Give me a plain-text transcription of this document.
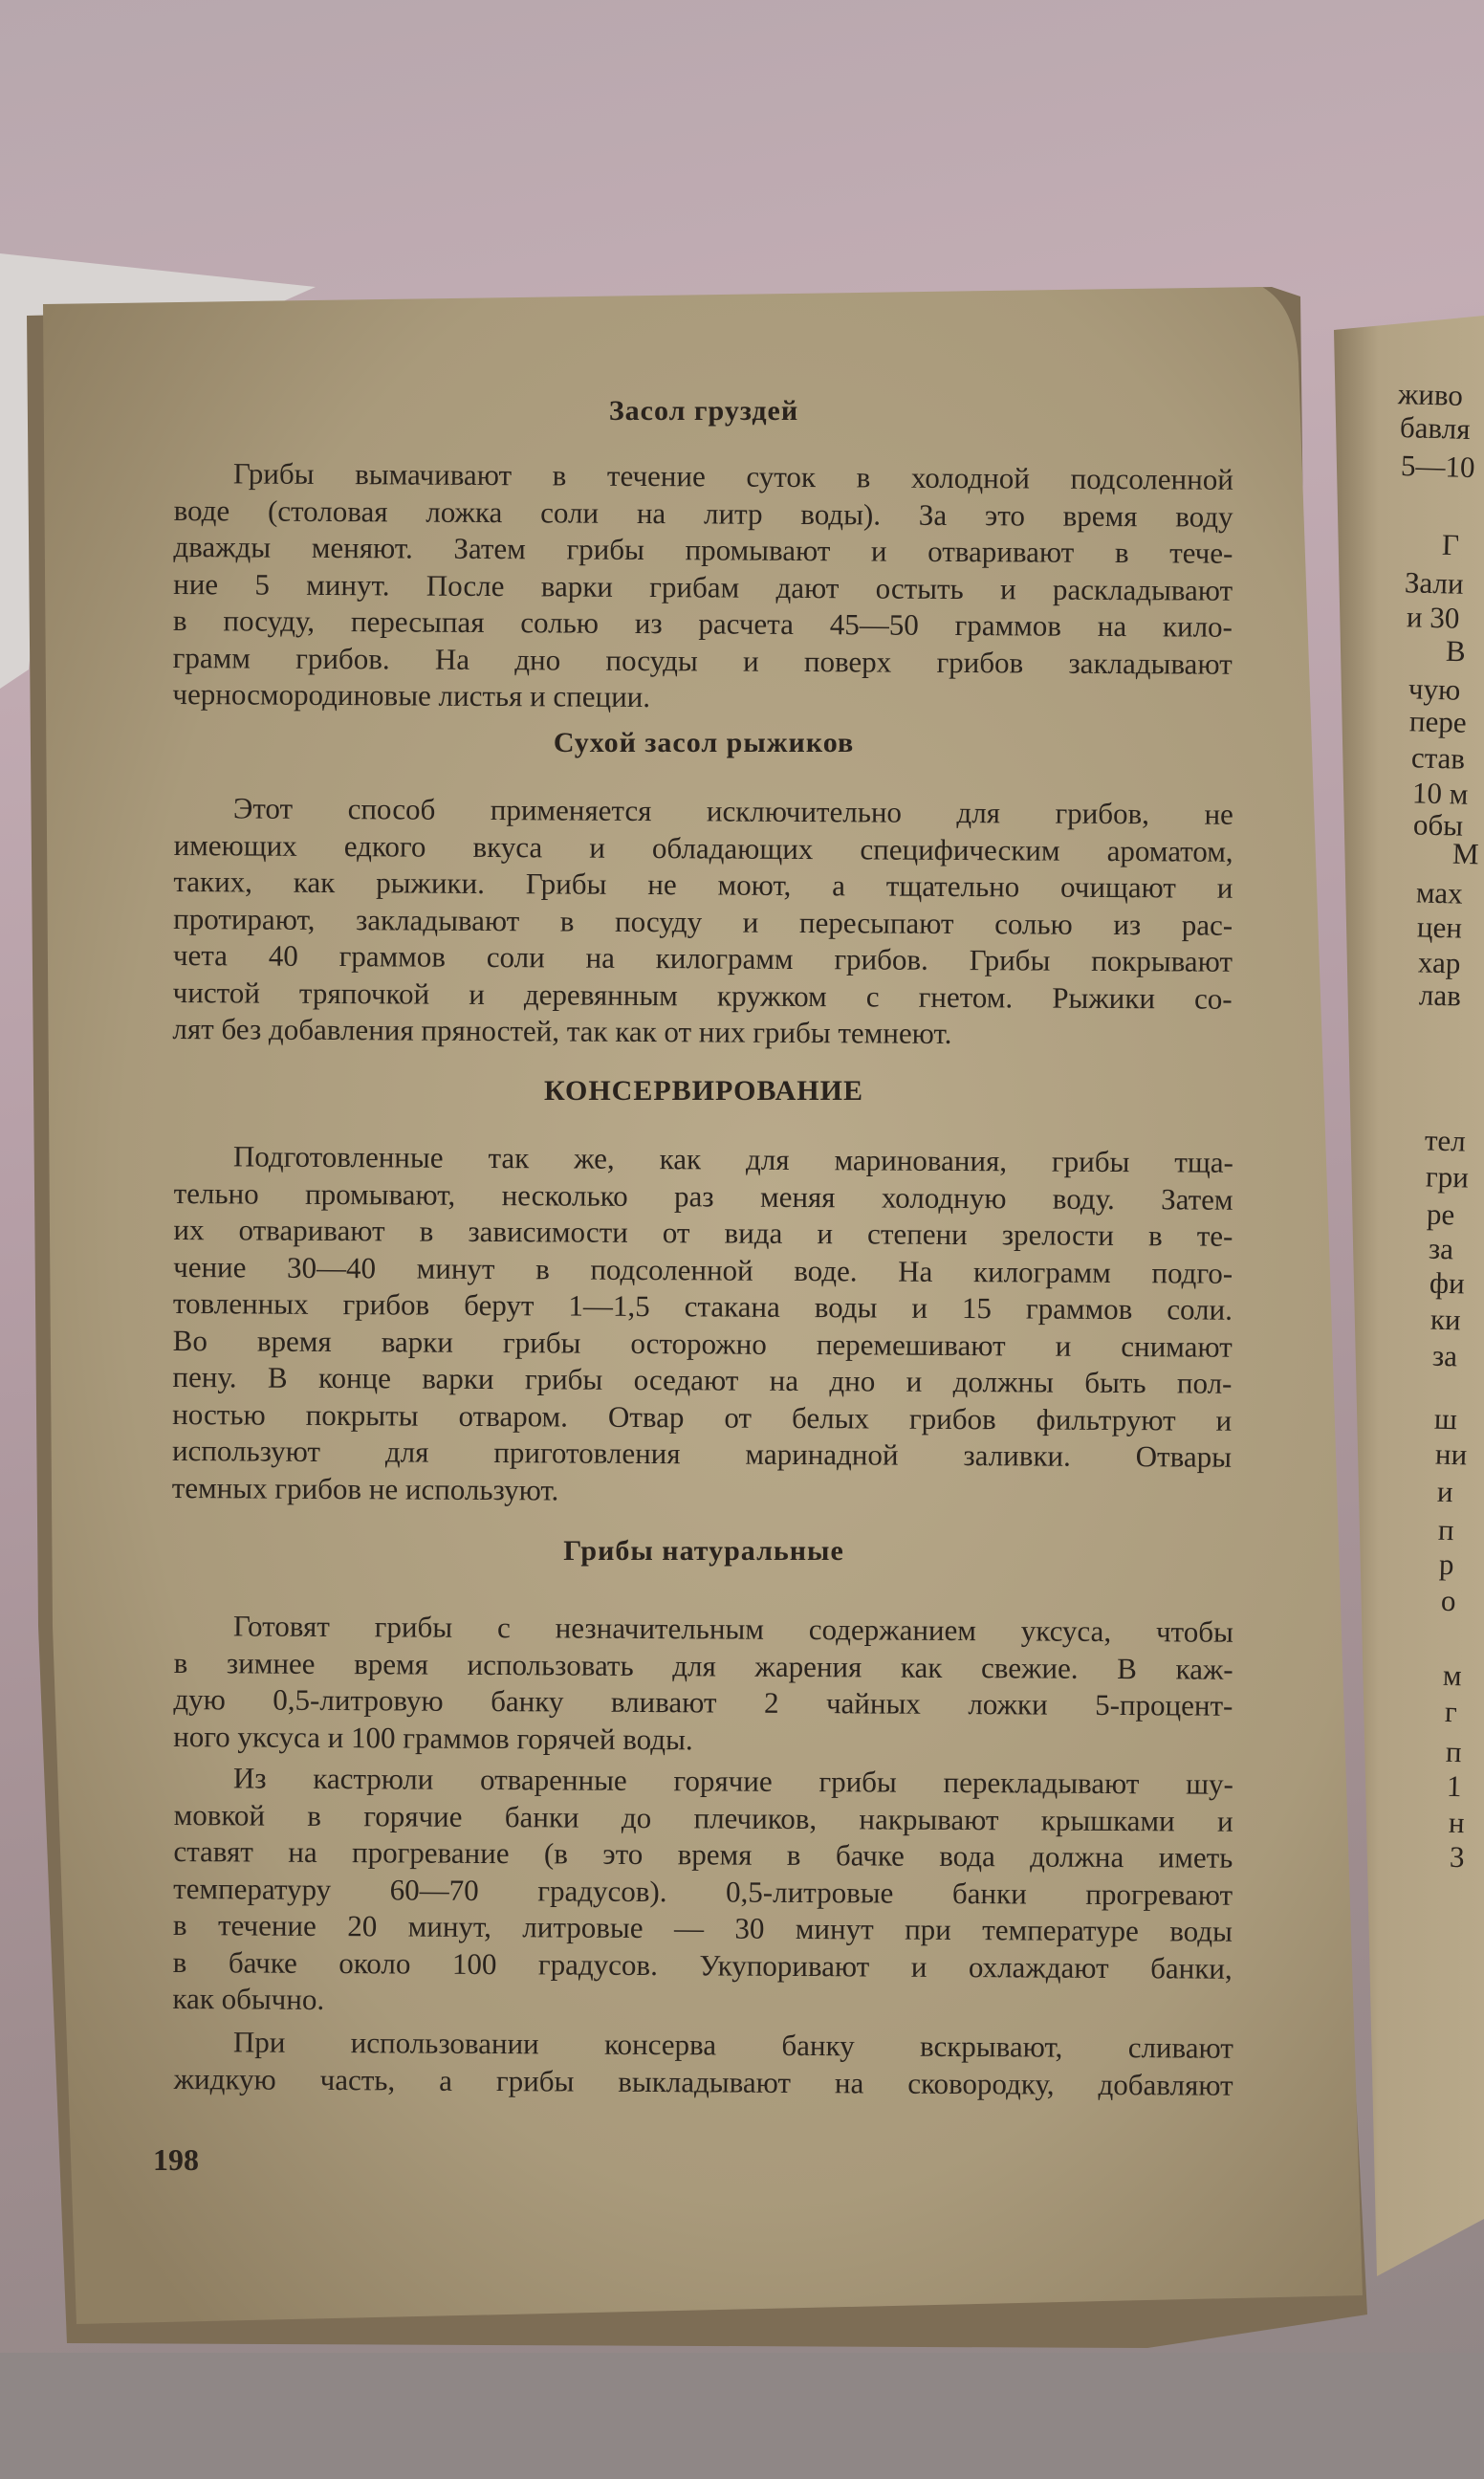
Засол груздей
Грибы вымачивают в течение суток в холодной подсоленной
воде (столовая ложка соли на литр воды). За это время воду
дважды меняют. Затем грибы промывают и отваривают в тече-
ние 5 минут. После варки грибам дают остыть и раскладывают
в посуду, пересыпая солью из расчета 45—50 граммов на кило-
грамм грибов. На дно посуды и поверх грибов закладывают
черносмородиновые листья и специи.
Сухой засол рыжиков
Этот способ применяется исключительно для грибов, не
имеющих едкого вкуса и обладающих специфическим ароматом,
таких, как рыжики. Грибы не моют, а тщательно очищают и
протирают, закладывают в посуду и пересыпают солью из рас-
чета 40 граммов соли на килограмм грибов. Грибы покрывают
чистой тряпочкой и деревянным кружком с гнетом. Рыжики со-
лят без добавления пряностей, так как от них грибы темнеют.
КОНСЕРВИРОВАНИЕ
Подготовленные так же, как для маринования, грибы тща-
тельно промывают, несколько раз меняя холодную воду. Затем
их отваривают в зависимости от вида и степени зрелости в те-
чение 30—40 минут в подсоленной воде. На килограмм подго-
товленных грибов берут 1—1,5 стакана воды и 15 граммов соли.
Во время варки грибы осторожно перемешивают и снимают
пену. В конце варки грибы оседают на дно и должны быть пол-
ностью покрыты отваром. Отвар от белых грибов фильтруют и
используют для приготовления маринадной заливки. Отвары
темных грибов не используют.
Грибы натуральные
Готовят грибы с незначительным содержанием уксуса, чтобы
в зимнее время использовать для жарения как свежие. В каж-
дую 0,5-литровую банку вливают 2 чайных ложки 5-процент-
ного уксуса и 100 граммов горячей воды.
Из кастрюли отваренные горячие грибы перекладывают шу-
мовкой в горячие банки до плечиков, накрывают крышками и
ставят на прогревание (в это время в бачке вода должна иметь
температуру 60—70 градусов). 0,5-литровые банки прогревают
в течение 20 минут, литровые — 30 минут при температуре воды
в бачке около 100 градусов. Укупоривают и охлаждают банки,
как обычно.
При использовании консерва банку вскрывают, сливают
жидкую часть, а грибы выкладывают на сковородку, добавляют
198
живо
бавля
5—10
Г
Зали
и 30
В
чую
пере
став
10 м
обы
М
мах
цен
хар
лав
тел
гри
ре
за
фи
ки
за
ш
ни
и
п
р
о
м
г
п
1
н
3
